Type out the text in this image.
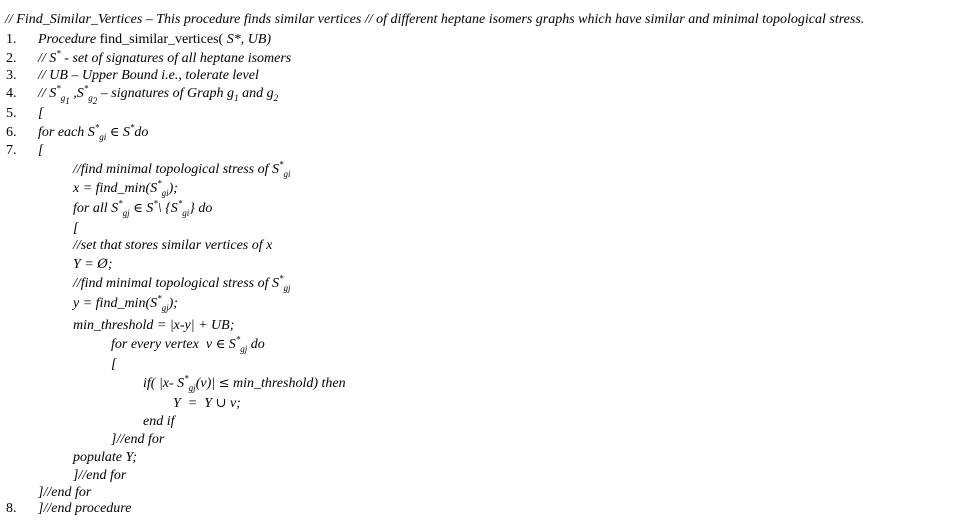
// Find_Similar_Vertices – This procedure finds similar vertices // of different heptane isomers graphs which have similar and minimal topological stress.
1.
2.
3.
4.
5.
6.
7.
8.
Procedure find_similar_vertices( S*, UB)
// S* - set of signatures of all heptane isomers
// UB – Upper Bound i.e., tolerate level
// $S^*_{g_1}$ $,S^*_{g_2}$ – signatures of Graph $g_1$ and $g_2$
[
for each $S^*_{gi}$ ∈ S*do
[
//find minimal topological stress of $S^*_{gi}$
$x = find\_\min(S^*_{gi})$;
for all $S^*_{gj}$ ∈ S*\ $\{S^*_{gi}\}$ do
[
//set that stores similar vertices of x
Υ = Ø;
//find minimal topological stress of $S^*_{gj}$
$y = find\_\min(S^*_{gj})$;
min_threshold = |x-y| + UB;
for every vertex  v ∈ $S^*_{gj}$ do
[
if( |x- $S^*_{gj}(v)|$ ≤ min_threshold) then
Υ  =  Υ ∪ v;
end if
]//end for
populate Υ;
]//end for
]//end for
]//end procedure
